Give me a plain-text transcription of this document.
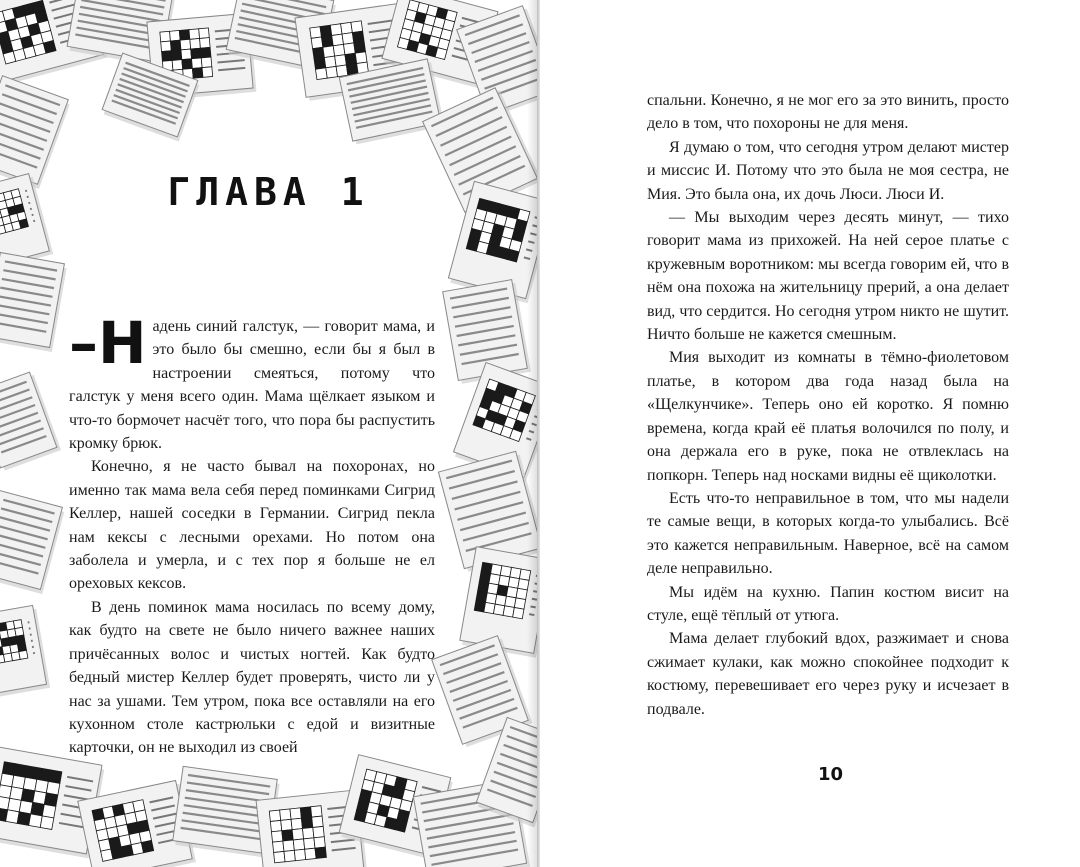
ГЛАВА 1

–Н адень синий галстук, — говорит мама, и это было бы смешно, если бы я был в настроении смеяться, потому что галстук у меня всего один. Мама щёлкает языком и что-то бормочет насчёт того, что пора бы распустить кромку брюк.

Конечно, я не часто бывал на похоронах, но именно так мама вела себя перед поминками Сигрид Келлер, нашей соседки в Германии. Сигрид пекла нам кексы с лесными орехами. Но потом она заболела и умерла, и с тех пор я больше не ел ореховых кексов.

В день поминок мама носилась по всему дому, как будто на свете не было ничего важнее наших причёсанных волос и чистых ногтей. Как будто бедный мистер Келлер будет проверять, чисто ли у нас за ушами. Тем утром, пока все оставляли на его кухонном столе кастрюльки с едой и визитные карточки, он не выходил из своей

спальни. Конечно, я не мог его за это винить, просто дело в том, что похороны не для меня.

Я думаю о том, что сегодня утром делают мистер и миссис И. Потому что это была не моя сестра, не Мия. Это была она, их дочь Люси. Люси И.

— Мы выходим через десять минут, — тихо говорит мама из прихожей. На ней серое платье с кружевным воротником: мы всегда говорим ей, что в нём она похожа на жительницу прерий, а она делает вид, что сердится. Но сегодня утром никто не шутит. Ничто больше не кажется смешным.

Мия выходит из комнаты в тёмно-фиолетовом платье, в котором два года назад была на «Щелкунчике». Теперь оно ей коротко. Я помню времена, когда край её платья волочился по полу, и она держала его в руке, пока не отвлеклась на попкорн. Теперь над носками видны её щиколотки.

Есть что-то неправильное в том, что мы надели те самые вещи, в которых когда-то улыбались. Всё это кажется неправильным. Наверное, всё на самом деле неправильно.

Мы идём на кухню. Папин костюм висит на стуле, ещё тёплый от утюга.

Мама делает глубокий вдох, разжимает и снова сжимает кулаки, как можно спокойнее подходит к костюму, перевешивает его через руку и исчезает в подвале.

10
